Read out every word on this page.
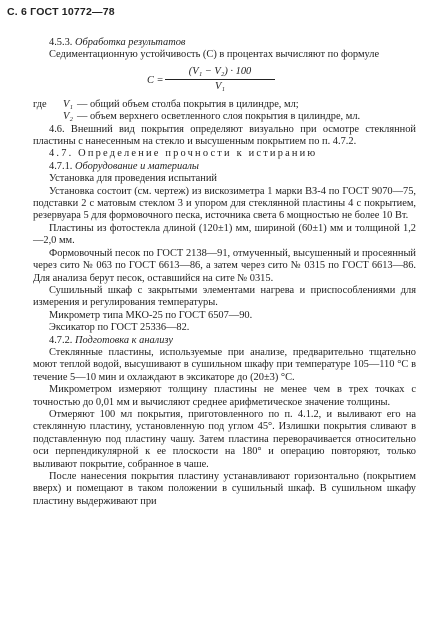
С. 6 ГОСТ 10772—78

4.5.3. Обработка результатов

Седиментационную устойчивость (C) в процентах вычисляют по формуле

$C = \frac{\text{(V₁ − V₂) · 100}}{\text{V₁}}$

где V₁ — общий объем столба покрытия в цилиндре, мл;

V₂ — объем верхнего осветленного слоя покрытия в цилиндре, мл.

4.6. Внешний вид покрытия определяют визуально при осмотре стеклянной пластины с нанесенным на стекло и высушенным покрытием по п. 4.7.2.

4.7. Определение прочности к истиранию

4.7.1. Оборудование и материалы

Установка для проведения испытаний

Установка состоит (см. чертеж) из вискозиметра 1 марки ВЗ-4 по ГОСТ 9070—75, подставки 2 с матовым стеклом 3 и упором для стеклянной пластины 4 с покрытием, резервуара 5 для формовочного песка, источника света 6 мощностью не более 10 Вт.

Пластины из фотостекла длиной (120±1) мм, шириной (60±1) мм и толщиной 1,2—2,0 мм.

Формовочный песок по ГОСТ 2138—91, отмученный, высушенный и просеянный через сито № 063 по ГОСТ 6613—86, а затем через сито № 0315 по ГОСТ 6613—86. Для анализа берут песок, оставшийся на сите № 0315.

Сушильный шкаф с закрытыми элементами нагрева и приспособлениями для измерения и регулирования температуры.

Микрометр типа МКО-25 по ГОСТ 6507—90.

Эксикатор по ГОСТ 25336—82.

4.7.2. Подготовка к анализу

Стеклянные пластины, используемые при анализе, предварительно тщательно моют теплой водой, высушивают в сушильном шкафу при температуре 105—110 °С в течение 5—10 мин и охлаждают в эксикаторе до (20±3) °С.

Микрометром измеряют толщину пластины не менее чем в трех точках с точностью до 0,01 мм и вычисляют среднее арифметическое значение толщины.

Отмеряют 100 мл покрытия, приготовленного по п. 4.1.2, и выливают его на стеклянную пластину, установленную под углом 45°. Излишки покрытия сливают в подставленную под пластину чашу. Затем пластина переворачивается относительно оси перпендикулярной к ее плоскости на 180° и операцию повторяют, только выливают покрытие, собранное в чаше.

После нанесения покрытия пластину устанавливают горизонтально (покрытием вверх) и помещают в таком положении в сушильный шкаф. В сушильном шкафу пластину выдерживают при
